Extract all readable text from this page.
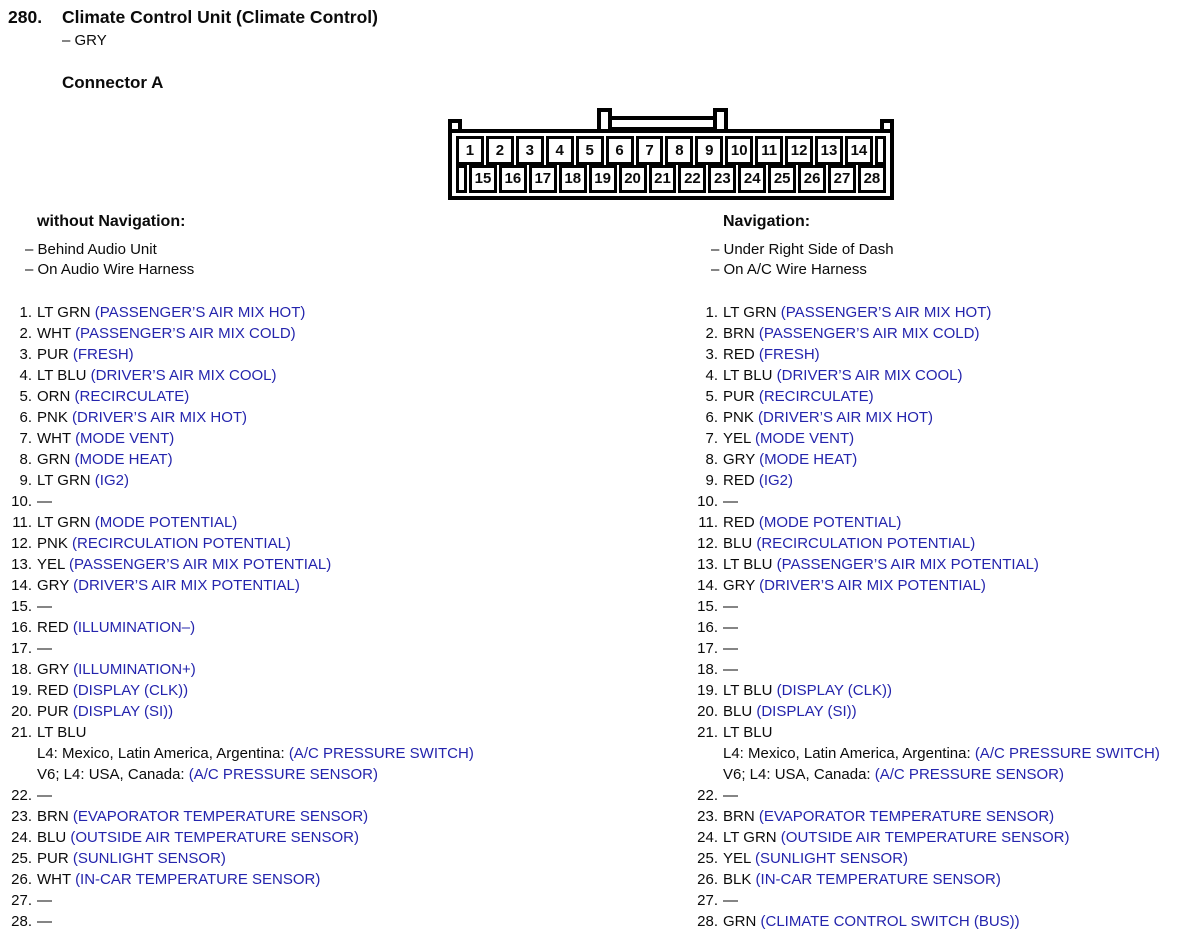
280.	Climate Control Unit (Climate Control)
– GRY
Connector A
1	2	3	4	5	6	7	8	9	10 11 12 13 14
15 16 17 18 19 20 21 22 23 24 25 26 27 28
without Navigation:
– Behind Audio Unit
– On Audio Wire Harness
1. LT GRN (PASSENGER’S AIR MIX HOT)
2. WHT (PASSENGER’S AIR MIX COLD)
3. PUR (FRESH)
4. LT BLU (DRIVER’S AIR MIX COOL)
5. ORN (RECIRCULATE)
6. PNK (DRIVER’S AIR MIX HOT)
7. WHT (MODE VENT)
8. GRN (MODE HEAT)
9. LT GRN (IG2)
10. —
11. LT GRN (MODE POTENTIAL)
12. PNK (RECIRCULATION POTENTIAL)
13. YEL (PASSENGER’S AIR MIX POTENTIAL)
14. GRY (DRIVER’S AIR MIX POTENTIAL)
15. —
16. RED (ILLUMINATION–)
17. —
18. GRY (ILLUMINATION+)
19. RED (DISPLAY (CLK))
20. PUR (DISPLAY (SI))
21. LT BLU
L4: Mexico, Latin America, Argentina: (A/C PRESSURE SWITCH)
V6; L4: USA, Canada: (A/C PRESSURE SENSOR)
22. —
23. BRN (EVAPORATOR TEMPERATURE SENSOR)
24. BLU (OUTSIDE AIR TEMPERATURE SENSOR)
25. PUR (SUNLIGHT SENSOR)
26. WHT (IN-CAR TEMPERATURE SENSOR)
27. —
28. —
Navigation:
– Under Right Side of Dash
– On A/C Wire Harness
1. LT GRN (PASSENGER’S AIR MIX HOT)
2. BRN (PASSENGER’S AIR MIX COLD)
3. RED (FRESH)
4. LT BLU (DRIVER’S AIR MIX COOL)
5. PUR (RECIRCULATE)
6. PNK (DRIVER’S AIR MIX HOT)
7. YEL (MODE VENT)
8. GRY (MODE HEAT)
9. RED (IG2)
10. —
11. RED (MODE POTENTIAL)
12. BLU (RECIRCULATION POTENTIAL)
13. LT BLU (PASSENGER’S AIR MIX POTENTIAL)
14. GRY (DRIVER’S AIR MIX POTENTIAL)
15. —
16. —
17. —
18. —
19. LT BLU (DISPLAY (CLK))
20. BLU (DISPLAY (SI))
21. LT BLU
L4: Mexico, Latin America, Argentina: (A/C PRESSURE SWITCH)
V6; L4: USA, Canada: (A/C PRESSURE SENSOR)
22. —
23. BRN (EVAPORATOR TEMPERATURE SENSOR)
24. LT GRN (OUTSIDE AIR TEMPERATURE SENSOR)
25. YEL (SUNLIGHT SENSOR)
26. BLK (IN-CAR TEMPERATURE SENSOR)
27. —
28. GRN (CLIMATE CONTROL SWITCH (BUS))
